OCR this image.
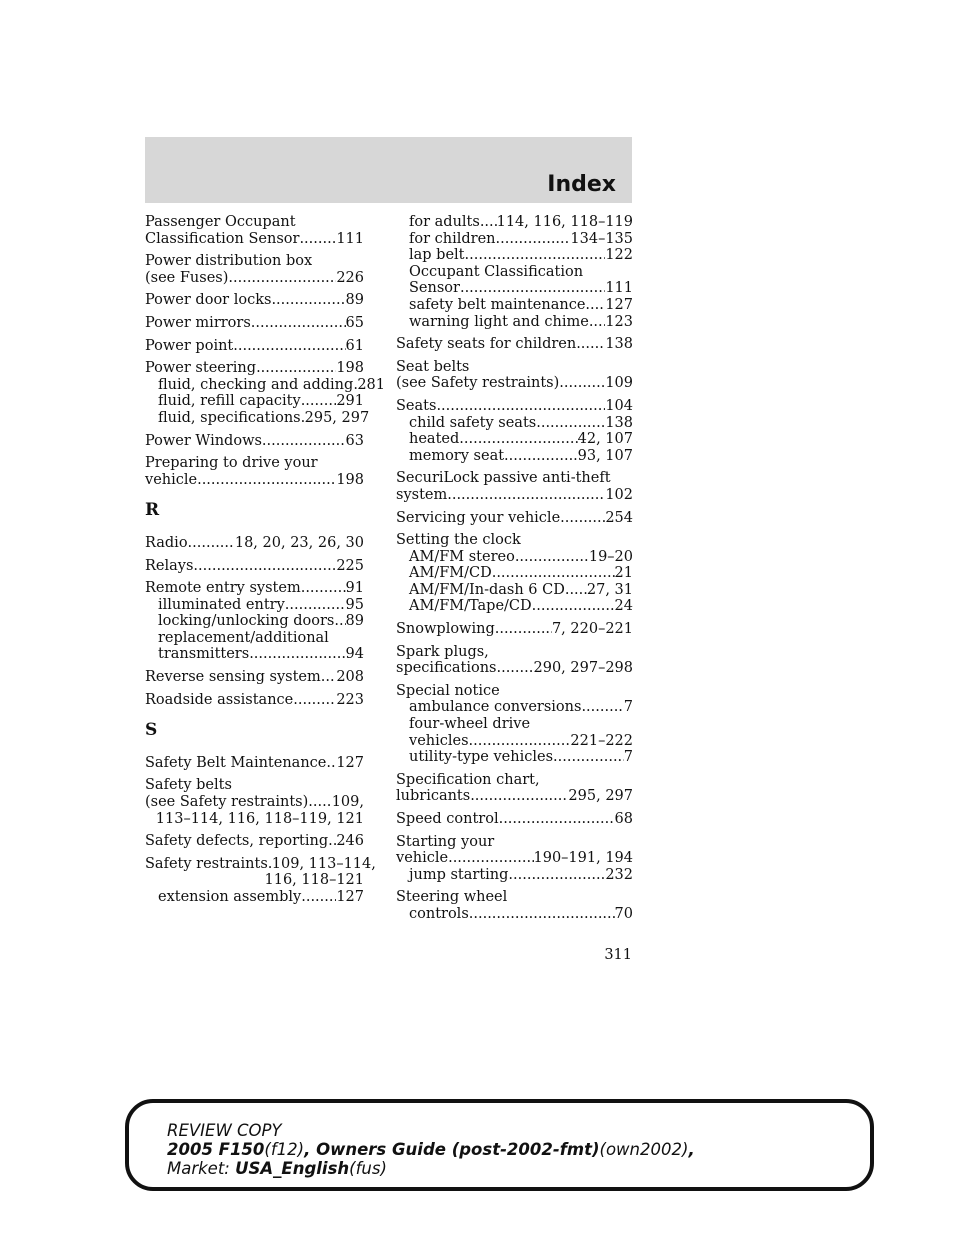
Index
Passenger Occupant
Classification Sensor .....	111
Power distribution box
(see Fuses) .....	226
Power door locks .....	89
Power mirrors .....	65
Power point .....	61
Power steering .....	198
fluid, checking and adding ..... 281
fluid, refill capacity ..... 291
fluid, specifications ..... 295, 297
Power Windows .....	63
Preparing to drive your
vehicle .....	198
R
Radio .....	18, 20, 23, 26, 30
Relays .....	225
Remote entry system .....	91
illuminated entry .....	95
locking/unlocking doors ..... 89
replacement/additional
transmitters .....	94
Reverse sensing system ..... 208
Roadside assistance .....	223
S
Safety Belt Maintenance ..... 127
Safety belts
(see Safety restraints) ..... 109,
113–114, 116, 118–119, 121
Safety defects, reporting ..... 246
Safety restraints ..... 109, 113–114,
116, 118–121
extension assembly ..... 127
for adults ..... 114, 116, 118–119
for children .....	134–135
lap belt .....	122
Occupant Classification
Sensor .....	111
safety belt maintenance ..... 127
warning light and chime ..... 123
Safety seats for children ..... 138
Seat belts
(see Safety restraints) .....	109
Seats .....	104
child safety seats .....	138
heated .....	42, 107
memory seat .....	93, 107
SecuriLock passive anti-theft
system .....	102
Servicing your vehicle .....	254
Setting the clock
AM/FM stereo .....	19–20
AM/FM/CD .....	21
AM/FM/In-dash 6 CD ..... 27, 31
AM/FM/Tape/CD .....	24
Snowplowing .....	7, 220–221
Spark plugs,
specifications .....	290, 297–298
Special notice
ambulance conversions .....	7
four-wheel drive
vehicles .....	221–222
utility-type vehicles .....	7
Specification chart,
lubricants .....	295, 297
Speed control .....	68
Starting your
vehicle .....	190–191, 194
jump starting .....	232
Steering wheel
controls .....	70
311
REVIEW COPY
2005 F150(f12), Owners Guide (post-2002-fmt)(own2002),
Market: USA_English(fus)
